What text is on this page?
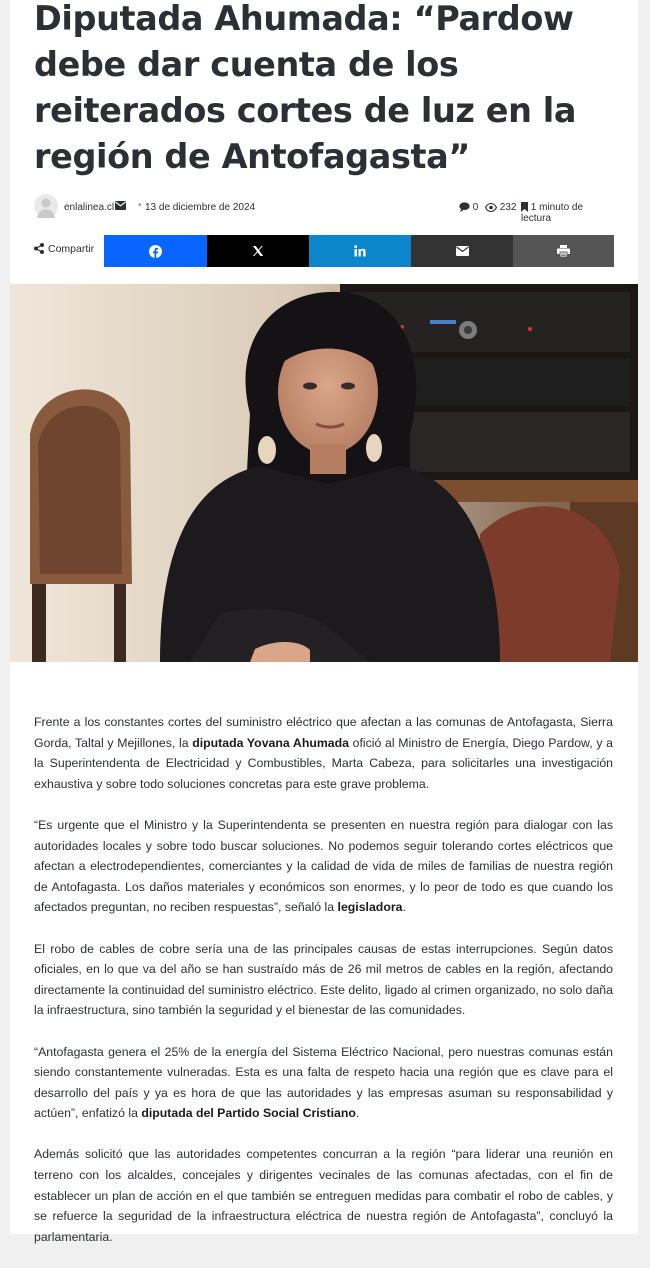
Diputada Ahumada: “Pardow debe dar cuenta de los reiterados cortes de luz en la región de Antofagasta”
enlalinea.cl • 13 de diciembre de 2024	0	232	1 minuto de lectura
Compartir

Frente a los constantes cortes del suministro eléctrico que afectan a las comunas de Antofagasta, Sierra Gorda, Taltal y Mejillones, la diputada Yovana Ahumada ofició al Ministro de Energía, Diego Pardow, y a la Superintendenta de Electricidad y Combustibles, Marta Cabeza, para solicitarles una investigación exhaustiva y sobre todo soluciones concretas para este grave problema.

“Es urgente que el Ministro y la Superintendenta se presenten en nuestra región para dialogar con las autoridades locales y sobre todo buscar soluciones. No podemos seguir tolerando cortes eléctricos que afectan a electrodependientes, comerciantes y la calidad de vida de miles de familias de nuestra región de Antofagasta. Los daños materiales y económicos son enormes, y lo peor de todo es que cuando los afectados preguntan, no reciben respuestas”, señaló la legisladora.

El robo de cables de cobre sería una de las principales causas de estas interrupciones. Según datos oficiales, en lo que va del año se han sustraído más de 26 mil metros de cables en la región, afectando directamente la continuidad del suministro eléctrico. Este delito, ligado al crimen organizado, no solo daña la infraestructura, sino también la seguridad y el bienestar de las comunidades.

“Antofagasta genera el 25% de la energía del Sistema Eléctrico Nacional, pero nuestras comunas están siendo constantemente vulneradas. Esta es una falta de respeto hacia una región que es clave para el desarrollo del país y ya es hora de que las autoridades y las empresas asuman su responsabilidad y actúen”, enfatizó la diputada del Partido Social Cristiano.

Además solicitó que las autoridades competentes concurran a la región “para liderar una reunión en terreno con los alcaldes, concejales y dirigentes vecinales de las comunas afectadas, con el fin de establecer un plan de acción en el que también se entreguen medidas para combatir el robo de cables, y se refuerce la seguridad de la infraestructura eléctrica de nuestra región de Antofagasta”, concluyó la parlamentaria.
